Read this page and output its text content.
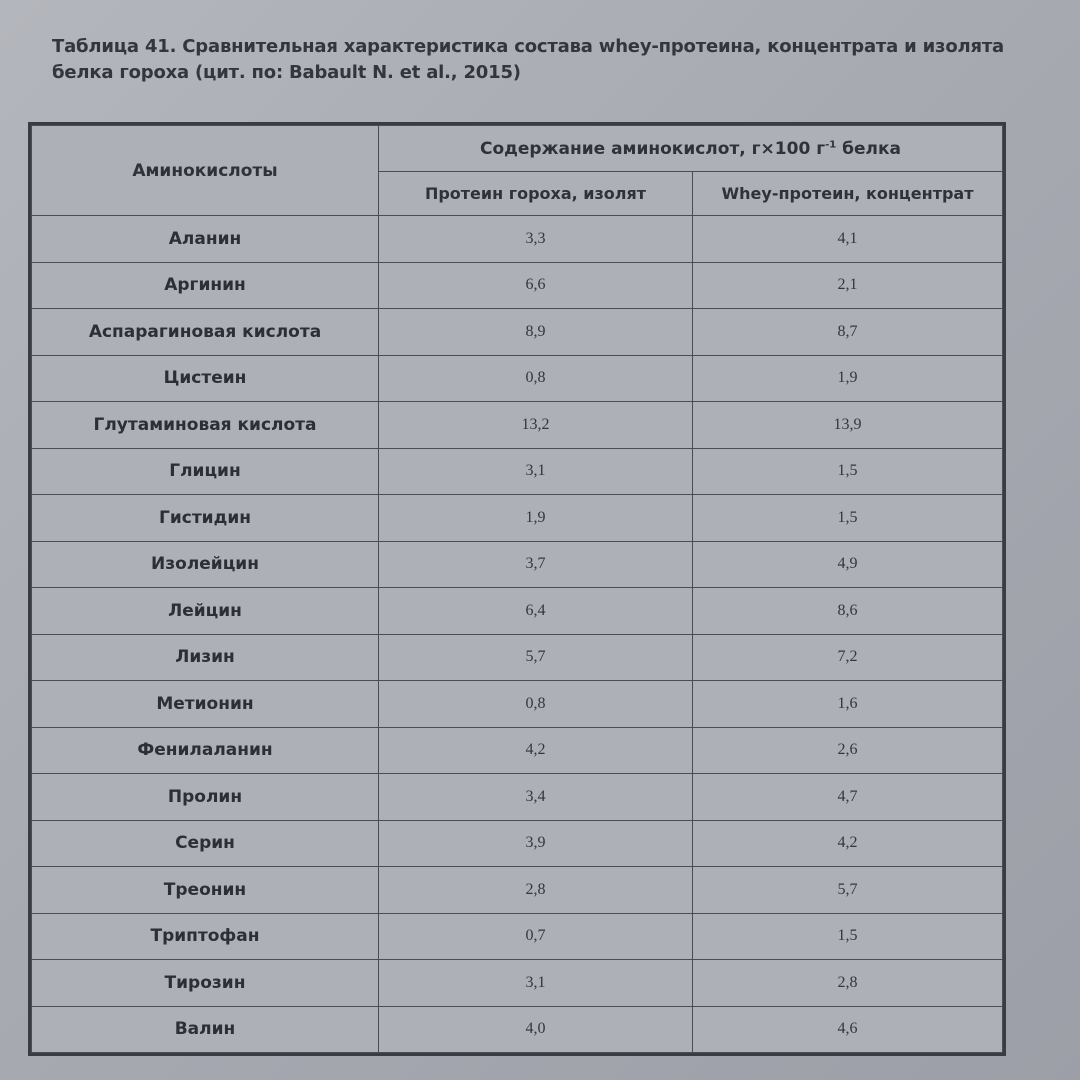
Таблица 41. Сравнительная характеристика состава whey-протеина, концентрата и изолята белка гороха (цит. по: Babault N. et al., 2015)
Аминокислоты	Содержание аминокислот, г×100 $г^{-1}$ белка	
	Протеин гороха, изолят	Whey-протеин, концентрат
Аланин	3,3	4,1
Аргинин	6,6	2,1
Аспарагиновая кислота	8,9	8,7
Цистеин	0,8	1,9
Глутаминовая кислота	13,2	13,9
Глицин	3,1	1,5
Гистидин	1,9	1,5
Изолейцин	3,7	4,9
Лейцин	6,4	8,6
Лизин	5,7	7,2
Метионин	0,8	1,6
Фенилаланин	4,2	2,6
Пролин	3,4	4,7
Серин	3,9	4,2
Треонин	2,8	5,7
Триптофан	0,7	1,5
Тирозин	3,1	2,8
Валин	4,0	4,6
